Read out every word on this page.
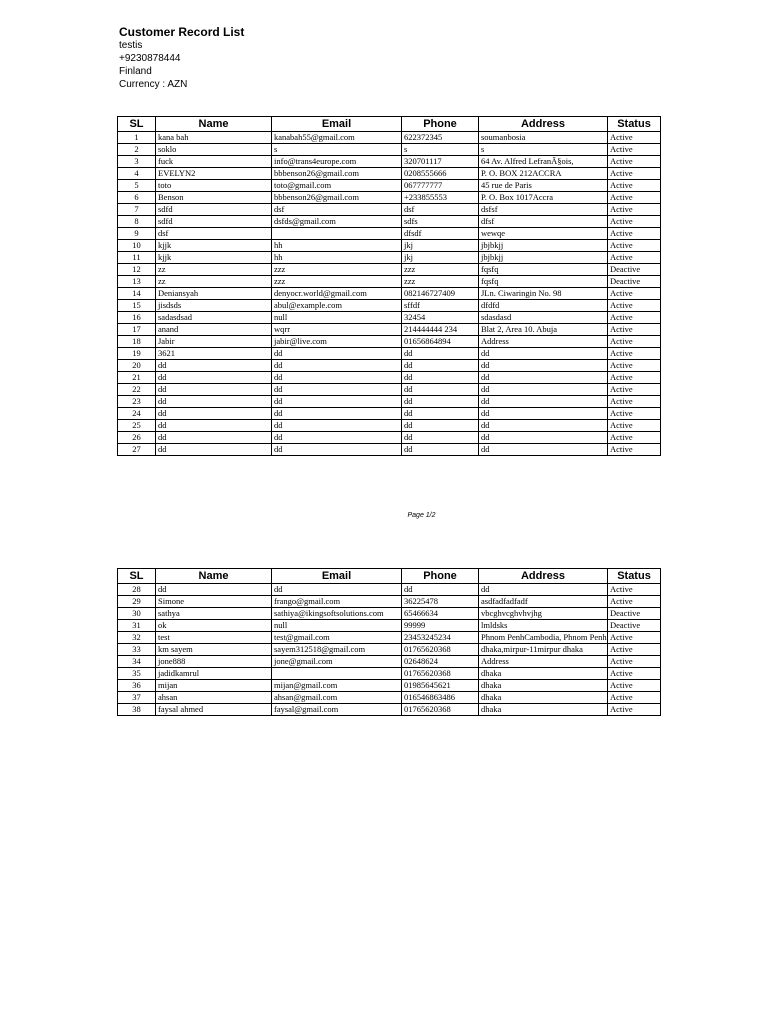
Customer Record List
testis
+9230878444
Finland
Currency : AZN
SL	Name	Email	Phone	Address	Status
1	kana bah	kanabah55@gmail.com	622372345	soumanbosia	Active
2	soklo	s	s	s	Active
3	fuck	info@trans4europe.com	320701117	64 Av. Alfred LefranÃ§ois,	Active
4	EVELYN2	bbbenson26@gmail.com	0208555666	P. O. BOX 212ACCRA	Active
5	toto	toto@gmail.com	067777777	45 rue de Paris	Active
6	Benson	bbbenson26@gmail.com	+233855553	P. O. Box 1017Accra	Active
7	sdfd	dsf	dsf	dsfsf	Active
8	sdfd	dsfds@gmail.com	sdfs	dfsf	Active
9	dsf		dfsdf	wewqe	Active
10	kjjk	hh	jkj	jbjbkjj	Active
11	kjjk	hh	jkj	jbjbkjj	Active
12	zz	zzz	zzz	fqsfq	Deactive
13	zz	zzz	zzz	fqsfq	Deactive
14	Deniansyah	denyocr.world@gmail.com	082146727409	JLn. Ciwaringin No. 98	Active
15	jisdsds	abul@example.com	sffdf	dfdfd	Active
16	sadasdsad	null	32454	sdasdasd	Active
17	anand	wqrr	214444444 234	Blat 2, Area 10. Abuja	Active
18	Jabir	jabir@live.com	01656864894	Address	Active
19	3621	dd	dd	dd	Active
20	dd	dd	dd	dd	Active
21	dd	dd	dd	dd	Active
22	dd	dd	dd	dd	Active
23	dd	dd	dd	dd	Active
24	dd	dd	dd	dd	Active
25	dd	dd	dd	dd	Active
26	dd	dd	dd	dd	Active
27	dd	dd	dd	dd	Active
Page 1/2
SL	Name	Email	Phone	Address	Status
28	dd	dd	dd	dd	Active
29	Simone	frango@gmail.com	36225478	asdfadfadfadf	Active
30	sathya	sathiya@ikingsoftsolutions.com	65466634	vbcghvcghvhvjhg	Deactive
31	ok	null	99999	lmldsks	Deactive
32	test	test@gmail.com	23453245234	Phnom PenhCambodia, Phnom Penh	Active
33	km sayem	sayem312518@gmail.com	01765620368	dhaka,mirpur-11mirpur dhaka	Active
34	jone888	jone@gmail.com	02648624	Address	Active
35	jadidkamrul		01765620368	dhaka	Active
36	mijan	mijan@gmail.com	01985645621	dhaka	Active
37	ahsan	ahsan@gmail.com	016546863486	dhaka	Active
38	faysal ahmed	faysal@gmail.com	01765620368	dhaka	Active
